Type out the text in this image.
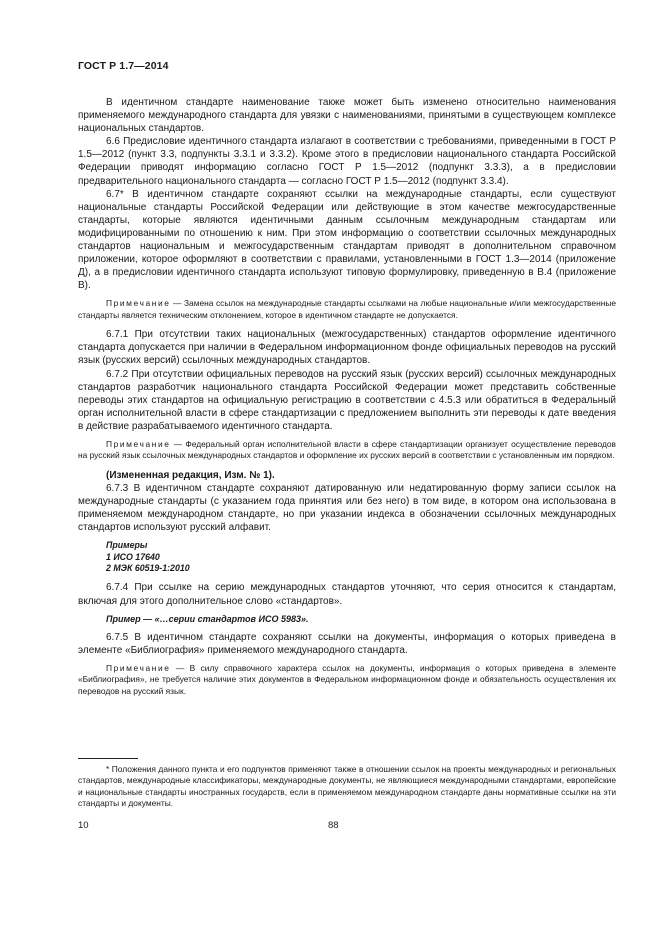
ГОСТ Р 1.7—2014

В идентичном стандарте наименование также может быть изменено относительно наименования применяемого международного стандарта для увязки с наименованиями, принятыми в существующем комплексе национальных стандартов.

6.6 Предисловие идентичного стандарта излагают в соответствии с требованиями, приведенными в ГОСТ Р 1.5—2012 (пункт 3.3, подпункты 3.3.1 и 3.3.2). Кроме этого в предисловии национального стандарта Российской Федерации приводят информацию согласно ГОСТ Р 1.5—2012 (подпункт 3.3.3), а в предисловии предварительного национального стандарта — согласно ГОСТ Р 1.5—2012 (подпункт 3.3.4).

6.7* В идентичном стандарте сохраняют ссылки на международные стандарты, если существуют национальные стандарты Российской Федерации или действующие в этом качестве межгосударственные стандарты, которые являются идентичными данным ссылочным международным стандартам или модифицированными по отношению к ним. При этом информацию о соответствии ссылочных международных стандартов национальным и межгосударственным стандартам приводят в дополнительном справочном приложении, которое оформляют в соответствии с правилами, установленными в ГОСТ 1.3—2014 (приложение Д), а в предисловии идентичного стандарта используют типовую формулировку, приведенную в В.4 (приложение В).

Примечание — Замена ссылок на международные стандарты ссылками на любые национальные и/или межгосударственные стандарты является техническим отклонением, которое в идентичном стандарте не допускается.

6.7.1 При отсутствии таких национальных (межгосударственных) стандартов оформление идентичного стандарта допускается при наличии в Федеральном информационном фонде официальных переводов на русский язык (русских версий) ссылочных международных стандартов.

6.7.2 При отсутствии официальных переводов на русский язык (русских версий) ссылочных международных стандартов разработчик национального стандарта Российской Федерации может представить собственные переводы этих стандартов на официальную регистрацию в соответствии с 4.5.3 или обратиться в Федеральный орган исполнительной власти в сфере стандартизации с предложением выполнить эти переводы к дате введения в действие разрабатываемого идентичного стандарта.

Примечание — Федеральный орган исполнительной власти в сфере стандартизации организует осуществление переводов на русский язык ссылочных международных стандартов и оформление их русских версий в соответствии с установленным им порядком.

(Измененная редакция, Изм. № 1).

6.7.3 В идентичном стандарте сохраняют датированную или недатированную форму записи ссылок на международные стандарты (с указанием года принятия или без него) в том виде, в котором она использована в применяемом международном стандарте, но при указании индекса в обозначении ссылочных международных стандартов используют русский алфавит.

Примеры
1 ИСО 17640
2 МЭК 60519-1:2010

6.7.4 При ссылке на серию международных стандартов уточняют, что серия относится к стандартам, включая для этого дополнительное слово «стандартов».

Пример — «…серии стандартов ИСО 5983».

6.7.5 В идентичном стандарте сохраняют ссылки на документы, информация о которых приведена в элементе «Библиография» применяемого международного стандарта.

Примечание — В силу справочного характера ссылок на документы, информация о которых приведена в элементе «Библиография», не требуется наличие этих документов в Федеральном информационном фонде и обязательность осуществления их переводов на русский язык.

* Положения данного пункта и его подпунктов применяют также в отношении ссылок на проекты международных и региональных стандартов, международные классификаторы, международные документы, не являющиеся международными стандартами, европейские и национальные стандарты иностранных государств, если в применяемом международном стандарте даны нормативные ссылки на эти стандарты и документы.
10	88
